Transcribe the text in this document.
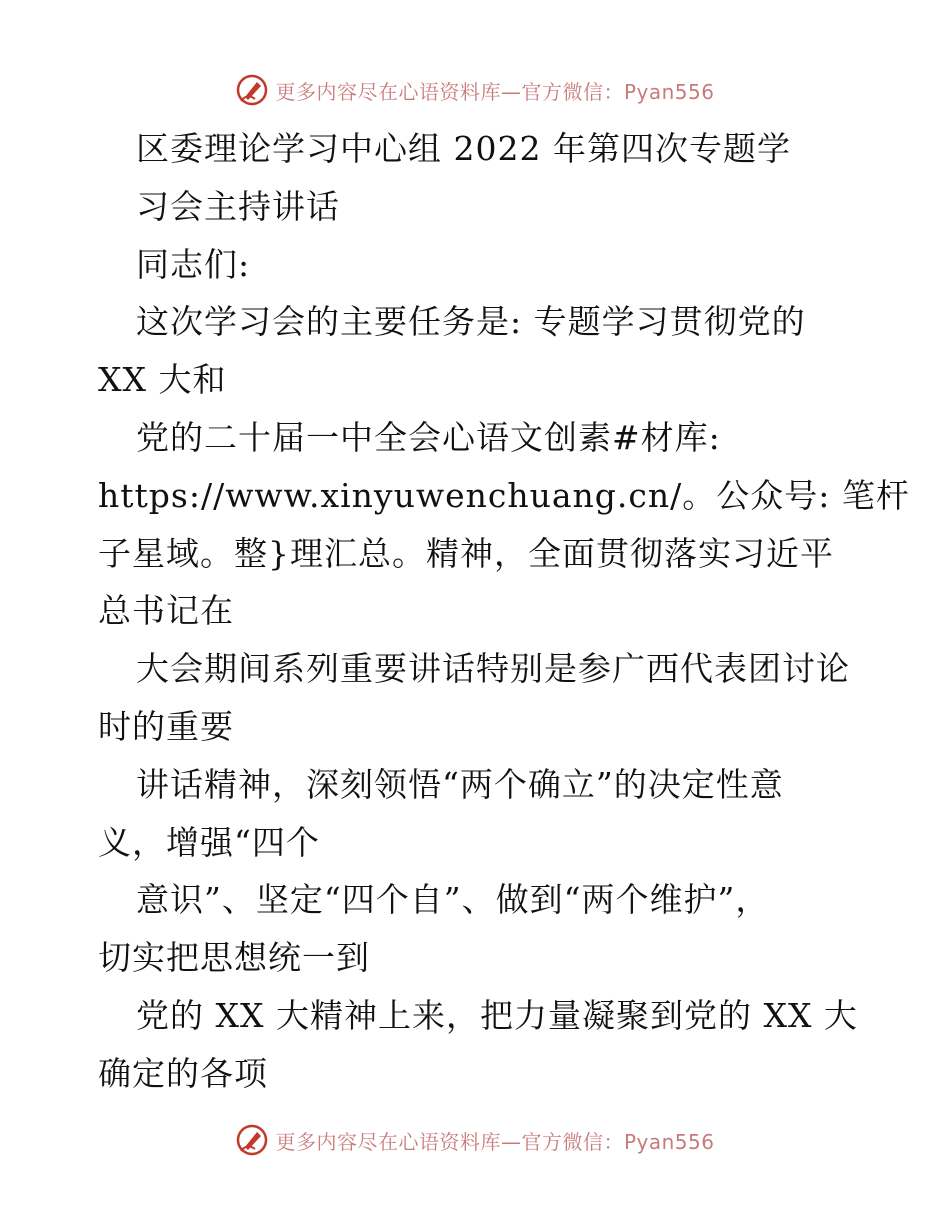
更多内容尽在心语资料库—官方微信：Pyan556
区委理论学习中心组 2022 年第四次专题学
习会主持讲话
同志们:
这次学习会的主要任务是: 专题学习贯彻党的
XX 大和
党的二十届一中全会心语文创素#材库:
https://www.xinyuwenchuang.cn/。公众号: 笔杆
子星域。整}理汇总。精神，全面贯彻落实习近平
总书记在
大会期间系列重要讲话特别是参广西代表团讨论
时的重要
讲话精神，深刻领悟“两个确立”的决定性意
义，增强“四个
意识”、坚定“四个自”、做到“两个维护”，
切实把思想统一到
党的 XX 大精神上来，把力量凝聚到党的 XX 大
确定的各项
更多内容尽在心语资料库—官方微信：Pyan556
